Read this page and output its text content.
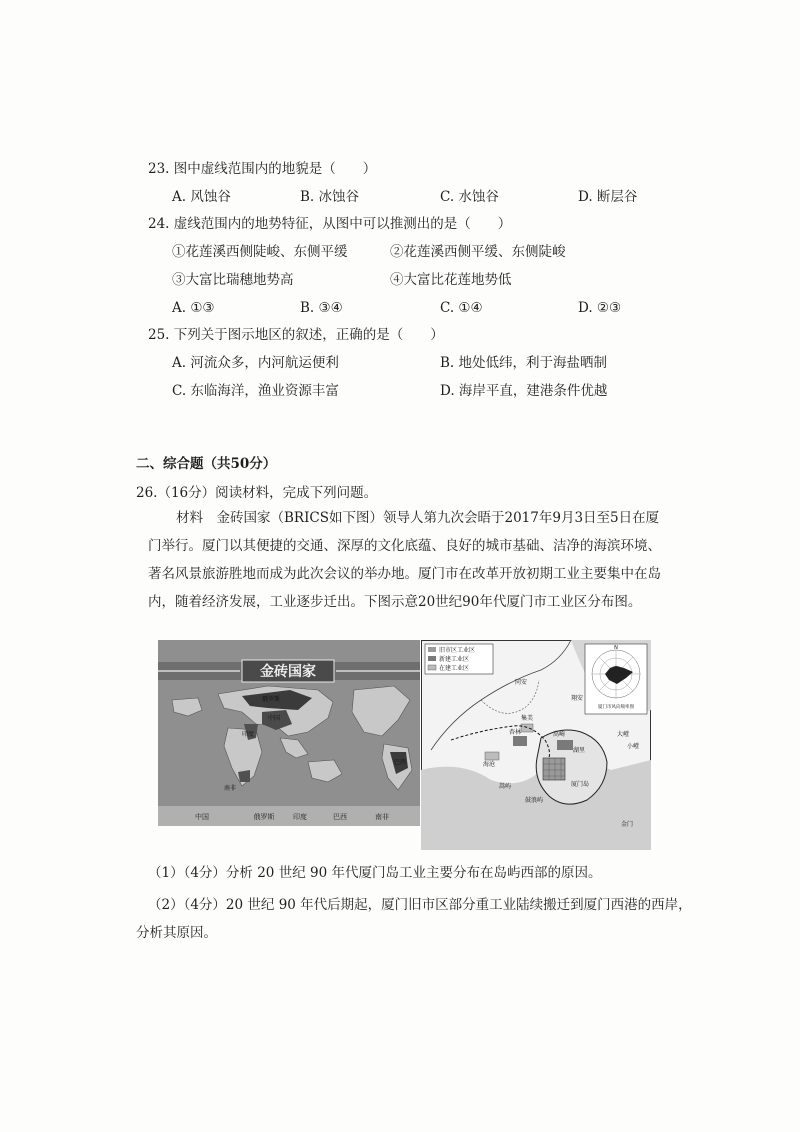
23. 图中虚线范围内的地貌是（　　）
A. 风蚀谷	B. 冰蚀谷	C. 水蚀谷	D. 断层谷
24. 虚线范围内的地势特征，从图中可以推测出的是（　　）
①花莲溪西侧陡峻、东侧平缓	②花莲溪西侧平缓、东侧陡峻
③大富比瑞穗地势高	④大富比花莲地势低
A. ①③	B. ③④	C. ①④	D. ②③
25. 下列关于图示地区的叙述，正确的是（　　）
A. 河流众多，内河航运便利	B. 地处低纬，利于海盐晒制
C. 东临海洋，渔业资源丰富	D. 海岸平直，建港条件优越
二、综合题（共50分）
26.（16分）阅读材料，完成下列问题。
材料　金砖国家（BRICS如下图）领导人第九次会晤于2017年9月3日至5日在厦门举行。厦门以其便捷的交通、深厚的文化底蕴、良好的城市基础、洁净的海滨环境、著名风景旅游胜地而成为此次会议的举办地。厦门市在改革开放初期工业主要集中在岛内，随着经济发展，工业逐步迁出。下图示意20世纪90年代厦门市工业区分布图。
金砖国家
俄罗斯
中国
印度
南非
巴西
中国	俄罗斯	印度	巴西	南非
旧市区工业区
新建工业区
在建工业区
N
厦门市风向频率图
海沧
嵩屿
杏林
集美
高崎
湖里
厦门岛
鼓浪屿
同安
翔安
大嶝
小嶝
金门
（1）（4分）分析 20 世纪 90 年代厦门岛工业主要分布在岛屿西部的原因。
（2）（4分）20 世纪 90 年代后期起，厦门旧市区部分重工业陆续搬迁到厦门西港的西岸，
分析其原因。
